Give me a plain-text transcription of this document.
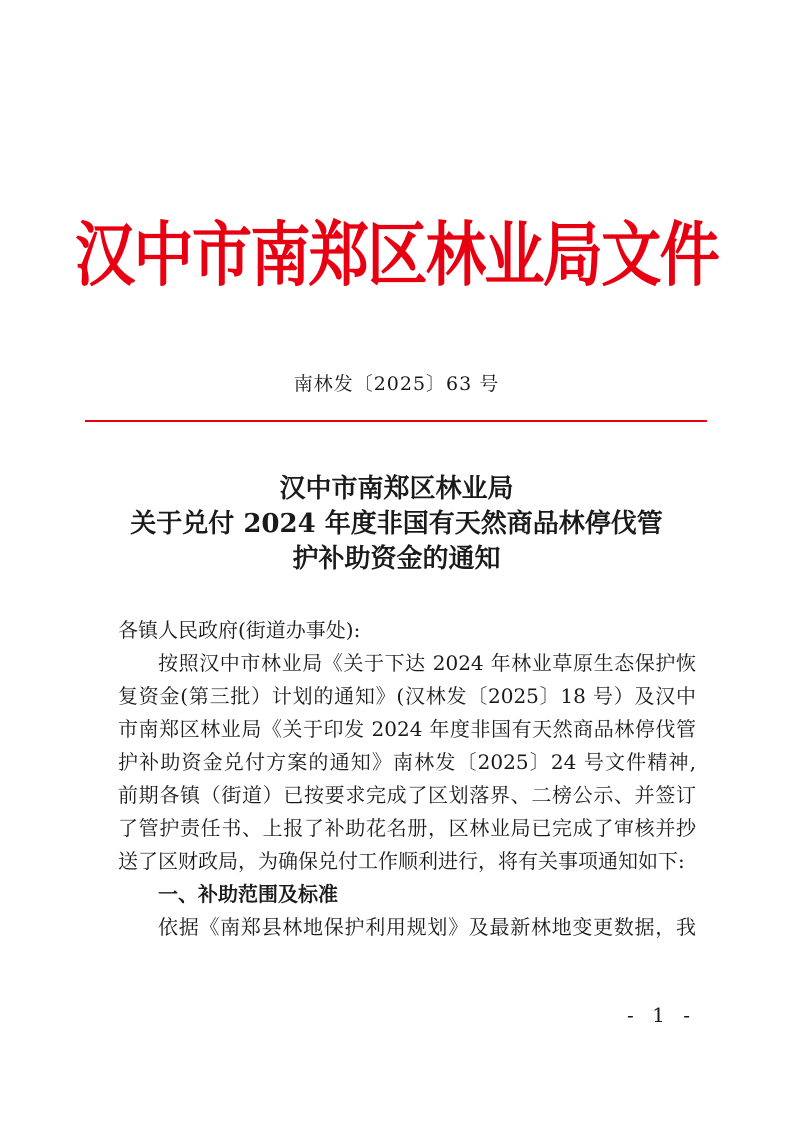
汉中市南郑区林业局文件
南林发〔2025〕63 号
汉中市南郑区林业局
关于兑付 2024 年度非国有天然商品林停伐管
护补助资金的通知

各镇人民政府(街道办事处):

按照汉中市林业局《关于下达 2024 年林业草原生态保护恢

复资金(第三批）计划的通知》(汉林发〔2025〕18 号）及汉中

市南郑区林业局《关于印发 2024 年度非国有天然商品林停伐管

护补助资金兑付方案的通知》南林发〔2025〕24 号文件精神,

前期各镇（街道）已按要求完成了区划落界、二榜公示、并签订

了管护责任书、上报了补助花名册，区林业局已完成了审核并抄

送了区财政局，为确保兑付工作顺利进行，将有关事项通知如下:

一、补助范围及标准

依据《南郑县林地保护利用规划》及最新林地变更数据，我

- 1 -
